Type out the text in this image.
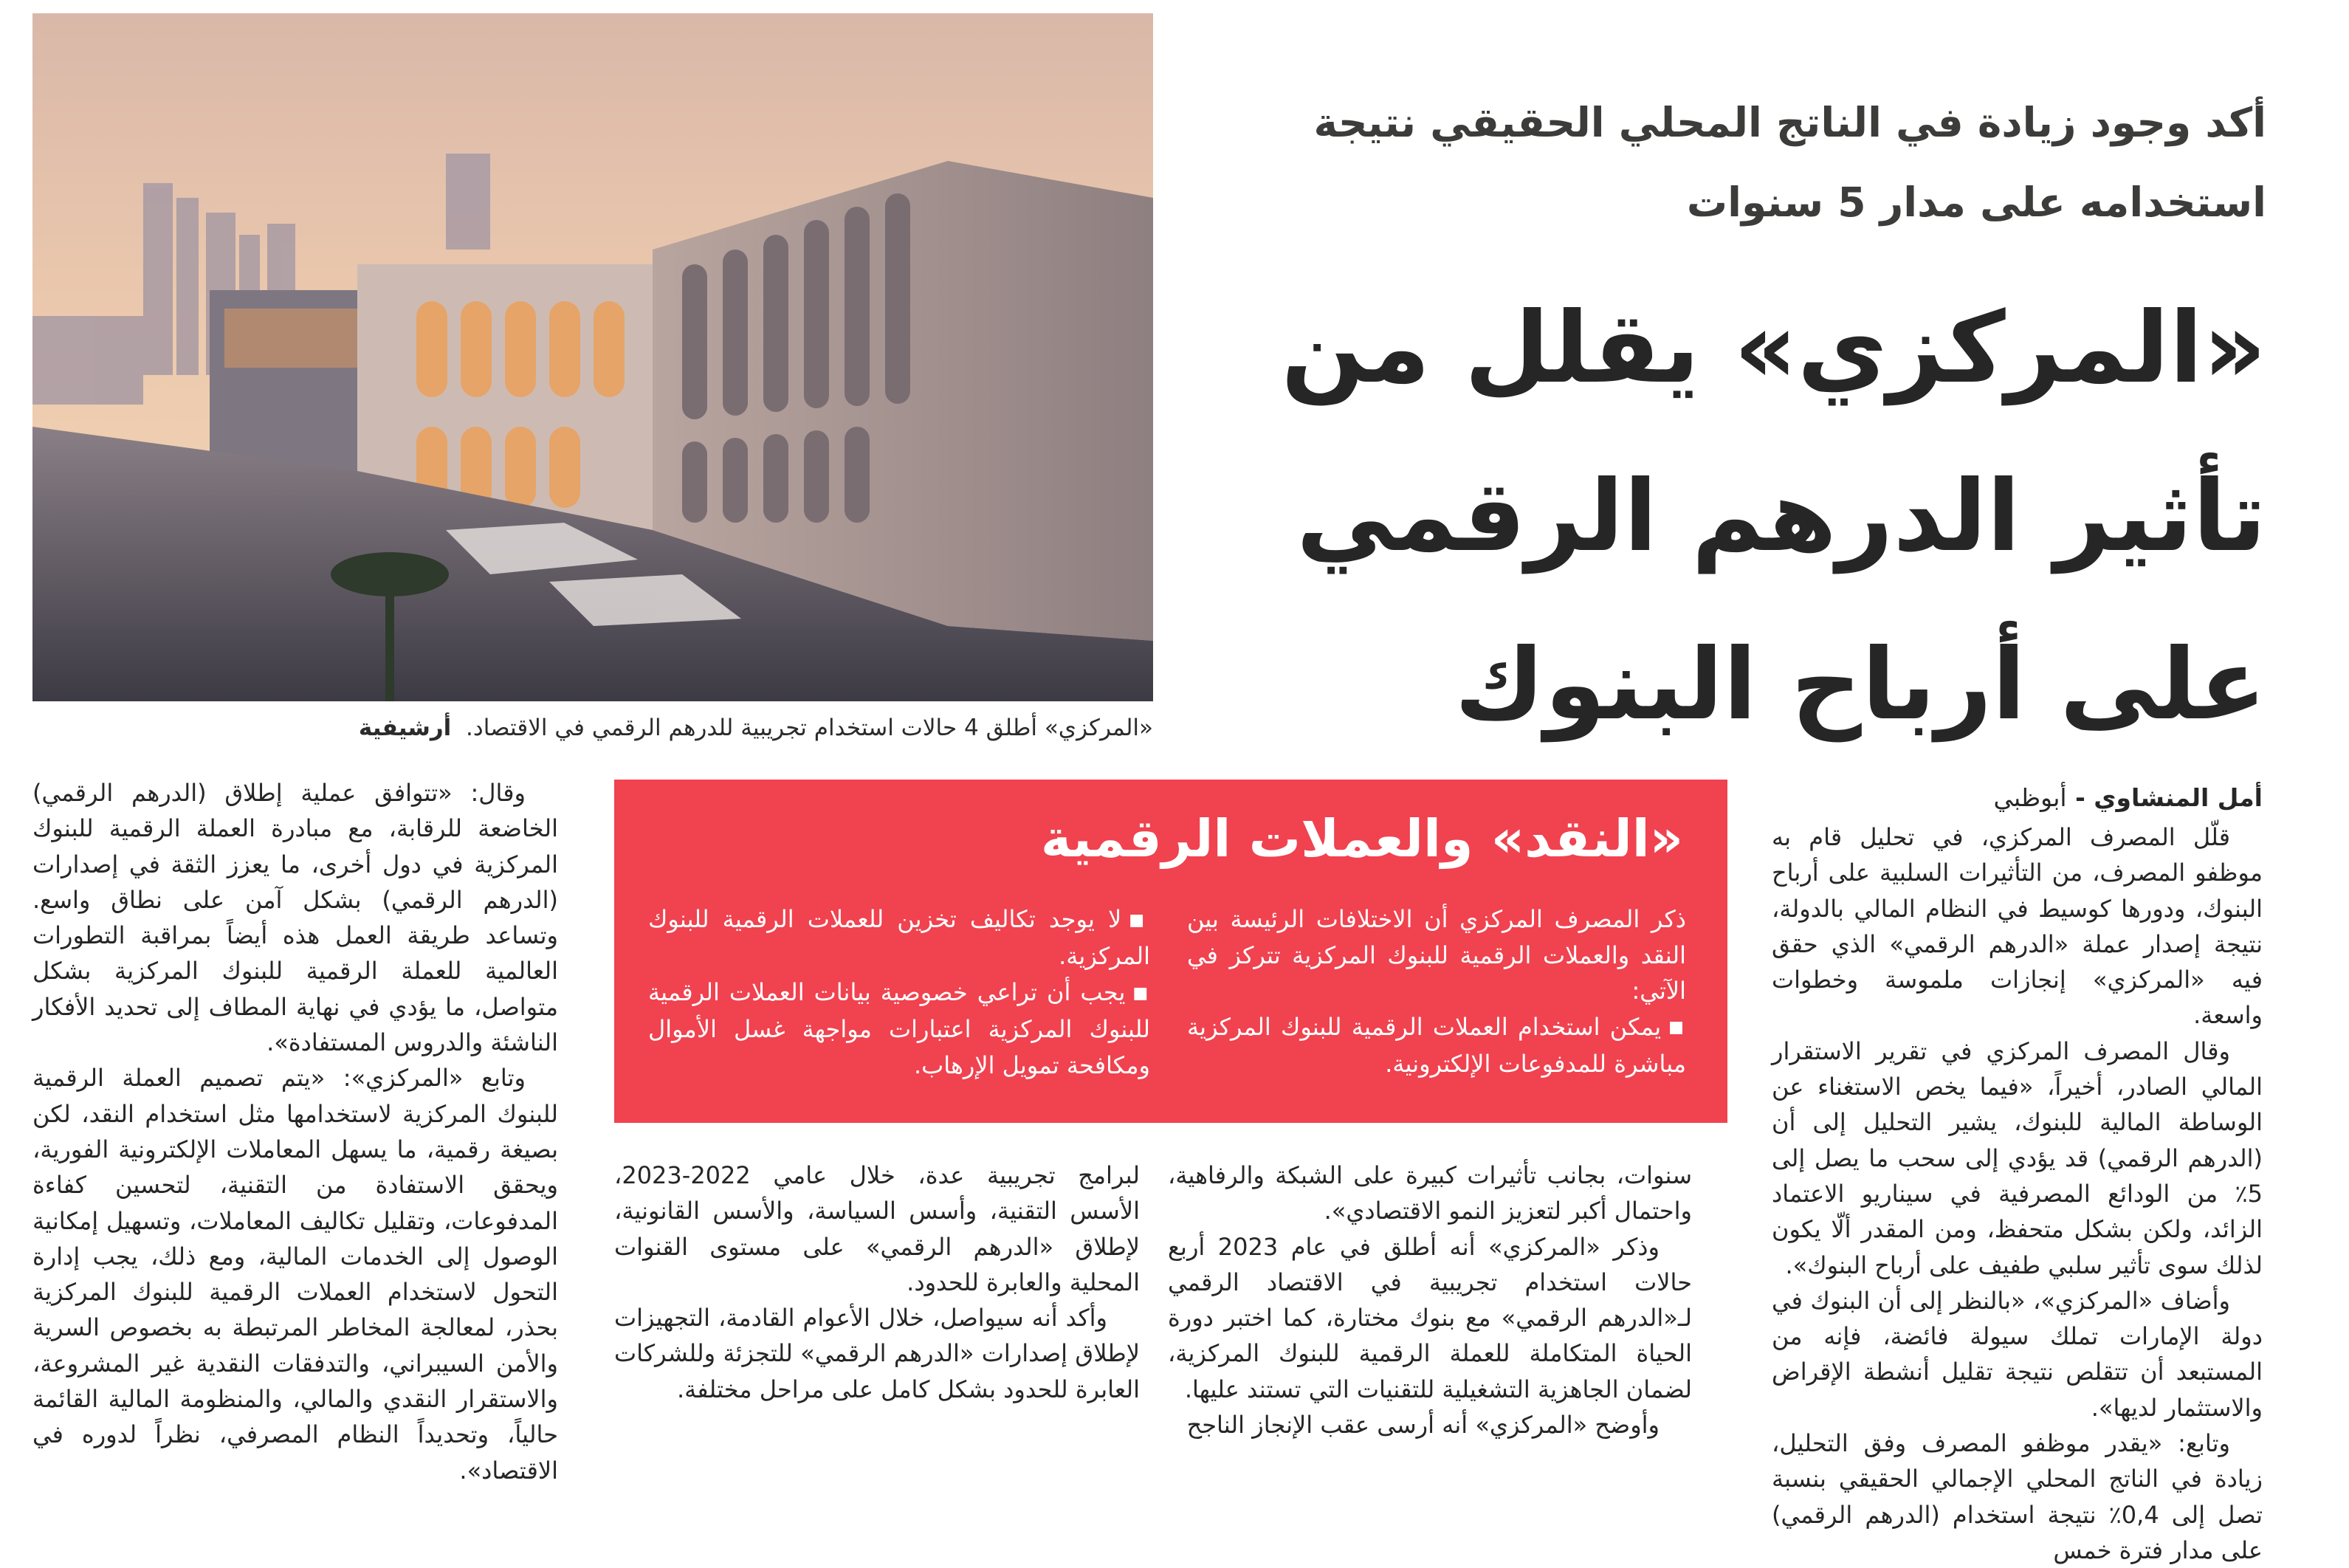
«المركزي» أطلق 4 حالات استخدام تجريبية للدرهم الرقمي في الاقتصاد.  أرشيفية
أكد وجود زيادة في الناتج المحلي الحقيقي نتيجة استخدامه على مدار 5 سنوات
«المركزي» يقلل من تأثير الدرهم الرقمي على أرباح البنوك
أمل المنشاوي - أبوظبي

قلّل المصرف المركزي، في تحليل قام به موظفو المصرف، من التأثيرات السلبية على أرباح البنوك، ودورها كوسيط في النظام المالي بالدولة، نتيجة إصدار عملة «الدرهم الرقمي» الذي حقق فيه «المركزي» إنجازات ملموسة وخطوات واسعة.

وقال المصرف المركزي في تقرير الاستقرار المالي الصادر، أخيراً، «فيما يخص الاستغناء عن الوساطة المالية للبنوك، يشير التحليل إلى أن (الدرهم الرقمي) قد يؤدي إلى سحب ما يصل إلى 5٪ من الودائع المصرفية في سيناريو الاعتماد الزائد، ولكن بشكل متحفظ، ومن المقدر ألّا يكون لذلك سوى تأثير سلبي طفيف على أرباح البنوك».

وأضاف «المركزي»، «بالنظر إلى أن البنوك في دولة الإمارات تملك سيولة فائضة، فإنه من المستبعد أن تتقلص نتيجة تقليل أنشطة الإقراض والاستثمار لديها».

وتابع: «يقدر موظفو المصرف وفق التحليل، زيادة في الناتج المحلي الإجمالي الحقيقي بنسبة تصل إلى 0,4٪ نتيجة استخدام (الدرهم الرقمي) على مدار فترة خمس

«النقد» والعملات الرقمية

ذكر المصرف المركزي أن الاختلافات الرئيسة بين النقد والعملات الرقمية للبنوك المركزية تتركز في الآتي:

■يمكن استخدام العملات الرقمية للبنوك المركزية مباشرة للمدفوعات الإلكترونية.

■لا يوجد تكاليف تخزين للعملات الرقمية للبنوك المركزية.

■يجب أن تراعي خصوصية بيانات العملات الرقمية للبنوك المركزية اعتبارات مواجهة غسل الأموال ومكافحة تمويل الإرهاب.

سنوات، بجانب تأثيرات كبيرة على الشبكة والرفاهية، واحتمال أكبر لتعزيز النمو الاقتصادي».

وذكر «المركزي» أنه أطلق في عام 2023 أربع حالات استخدام تجريبية في الاقتصاد الرقمي لـ«الدرهم الرقمي» مع بنوك مختارة، كما اختبر دورة الحياة المتكاملة للعملة الرقمية للبنوك المركزية، لضمان الجاهزية التشغيلية للتقنيات التي تستند عليها.

وأوضح «المركزي» أنه أرسى عقب الإنجاز الناجح

لبرامج تجريبية عدة، خلال عامي 2022-2023، الأسس التقنية، وأسس السياسة، والأسس القانونية، لإطلاق «الدرهم الرقمي» على مستوى القنوات المحلية والعابرة للحدود.

وأكد أنه سيواصل، خلال الأعوام القادمة، التجهيزات لإطلاق إصدارات «الدرهم الرقمي» للتجزئة وللشركات العابرة للحدود بشكل كامل على مراحل مختلفة.

وقال: «تتوافق عملية إطلاق (الدرهم الرقمي) الخاضعة للرقابة، مع مبادرة العملة الرقمية للبنوك المركزية في دول أخرى، ما يعزز الثقة في إصدارات (الدرهم الرقمي) بشكل آمن على نطاق واسع. وتساعد طريقة العمل هذه أيضاً بمراقبة التطورات العالمية للعملة الرقمية للبنوك المركزية بشكل متواصل، ما يؤدي في نهاية المطاف إلى تحديد الأفكار الناشئة والدروس المستفادة».

وتابع «المركزي»: «يتم تصميم العملة الرقمية للبنوك المركزية لاستخدامها مثل استخدام النقد، لكن بصيغة رقمية، ما يسهل المعاملات الإلكترونية الفورية، ويحقق الاستفادة من التقنية، لتحسين كفاءة المدفوعات، وتقليل تكاليف المعاملات، وتسهيل إمكانية الوصول إلى الخدمات المالية، ومع ذلك، يجب إدارة التحول لاستخدام العملات الرقمية للبنوك المركزية بحذر، لمعالجة المخاطر المرتبطة به بخصوص السرية والأمن السيبراني، والتدفقات النقدية غير المشروعة، والاستقرار النقدي والمالي، والمنظومة المالية القائمة حالياً، وتحديداً النظام المصرفي، نظراً لدوره في الاقتصاد».
